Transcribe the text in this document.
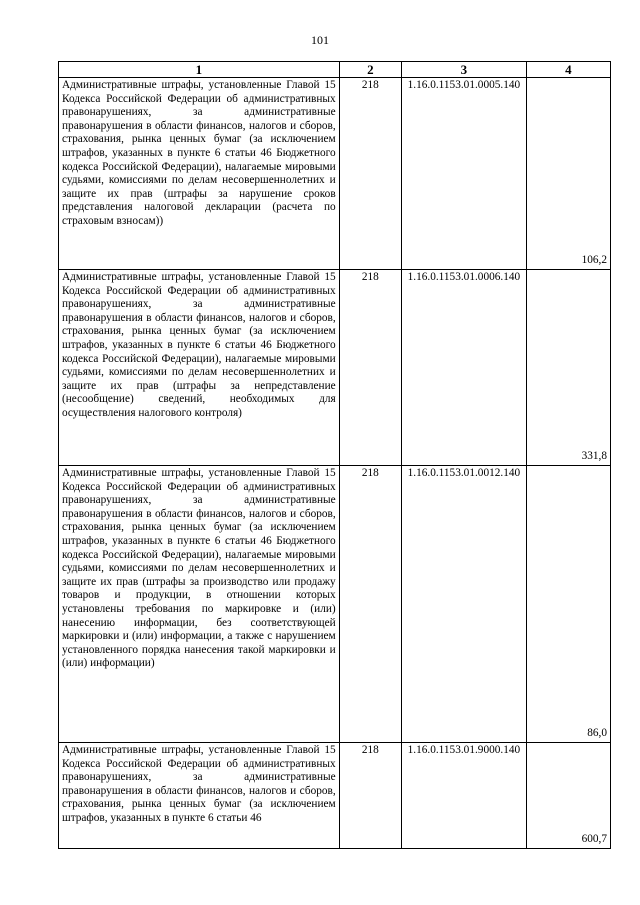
101
1	2	3	4

Административные штрафы, установленные Главой 15 Кодекса Российской Федерации об административных правонарушениях, за административные правонарушения в области финансов, налогов и сборов, страхования, рынка ценных бумаг (за исключением штрафов, указанных в пункте 6 статьи 46 Бюджетного кодекса Российской Федерации), налагаемые мировыми судьями, комиссиями по делам несовершеннолетних и защите их прав (штрафы за нарушение сроков представления налоговой декларации (расчета по страховым взносам))	218	1.16.0.1153.01.0005.140	106,2

Административные штрафы, установленные Главой 15 Кодекса Российской Федерации об административных правонарушениях, за административные правонарушения в области финансов, налогов и сборов, страхования, рынка ценных бумаг (за исключением штрафов, указанных в пункте 6 статьи 46 Бюджетного кодекса Российской Федерации), налагаемые мировыми судьями, комиссиями по делам несовершеннолетних и защите их прав (штрафы за непредставление (несообщение) сведений, необходимых для осуществления налогового контроля)	218	1.16.0.1153.01.0006.140	331,8

Административные штрафы, установленные Главой 15 Кодекса Российской Федерации об административных правонарушениях, за административные правонарушения в области финансов, налогов и сборов, страхования, рынка ценных бумаг (за исключением штрафов, указанных в пункте 6 статьи 46 Бюджетного кодекса Российской Федерации), налагаемые мировыми судьями, комиссиями по делам несовершеннолетних и защите их прав (штрафы за производство или продажу товаров и продукции, в отношении которых установлены требования по маркировке и (или) нанесению информации, без соответствующей маркировки и (или) информации, а также с нарушением установленного порядка нанесения такой маркировки и (или) информации)	218	1.16.0.1153.01.0012.140	86,0

Административные штрафы, установленные Главой 15 Кодекса Российской Федерации об административных правонарушениях, за административные правонарушения в области финансов, налогов и сборов, страхования, рынка ценных бумаг (за исключением штрафов, указанных в пункте 6 статьи 46	218	1.16.0.1153.01.9000.140	600,7
